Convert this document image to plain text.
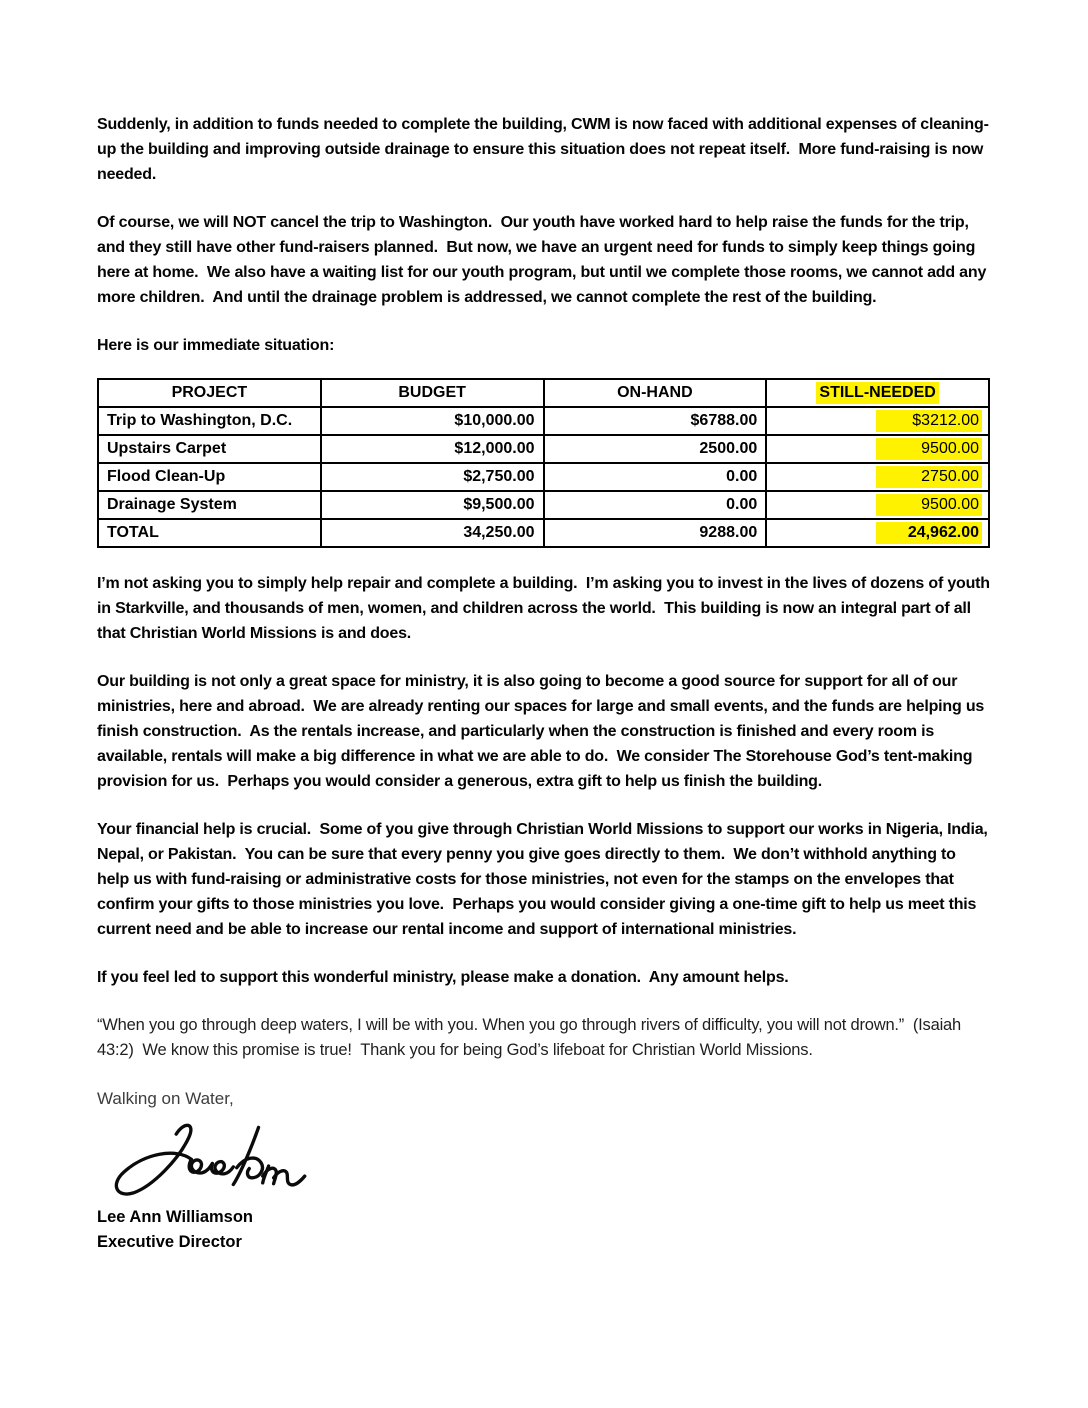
Suddenly, in addition to funds needed to complete the building, CWM is now faced with additional expenses of cleaning-up the building and improving outside drainage to ensure this situation does not repeat itself.  More fund-raising is now needed.

Of course, we will NOT cancel the trip to Washington.  Our youth have worked hard to help raise the funds for the trip, and they still have other fund-raisers planned.  But now, we have an urgent need for funds to simply keep things going here at home.  We also have a waiting list for our youth program, but until we complete those rooms, we cannot add any more children.  And until the drainage problem is addressed, we cannot complete the rest of the building.

Here is our immediate situation:

PROJECT	BUDGET	ON-HAND	STILL-NEEDED
Trip to Washington, D.C.	$10,000.00	$6788.00	$3212.00
Upstairs Carpet	$12,000.00	2500.00	9500.00
Flood Clean-Up	$2,750.00	0.00	2750.00
Drainage System	$9,500.00	0.00	9500.00
TOTAL	34,250.00	9288.00	24,962.00

I’m not asking you to simply help repair and complete a building.  I’m asking you to invest in the lives of dozens of youth in Starkville, and thousands of men, women, and children across the world.  This building is now an integral part of all that Christian World Missions is and does.

Our building is not only a great space for ministry, it is also going to become a good source for support for all of our ministries, here and abroad.  We are already renting our spaces for large and small events, and the funds are helping us finish construction.  As the rentals increase, and particularly when the construction is finished and every room is available, rentals will make a big difference in what we are able to do.  We consider The Storehouse God’s tent-making provision for us.  Perhaps you would consider a generous, extra gift to help us finish the building.

Your financial help is crucial.  Some of you give through Christian World Missions to support our works in Nigeria, India, Nepal, or Pakistan.  You can be sure that every penny you give goes directly to them.  We don’t withhold anything to help us with fund-raising or administrative costs for those ministries, not even for the stamps on the envelopes that confirm your gifts to those ministries you love.  Perhaps you would consider giving a one-time gift to help us meet this current need and be able to increase our rental income and support of international ministries.

If you feel led to support this wonderful ministry, please make a donation.  Any amount helps.

“When you go through deep waters, I will be with you. When you go through rivers of difficulty, you will not drown.”  (Isaiah 43:2)  We know this promise is true!  Thank you for being God’s lifeboat for Christian World Missions.

Walking on Water,

Lee Ann Williamson

Executive Director
